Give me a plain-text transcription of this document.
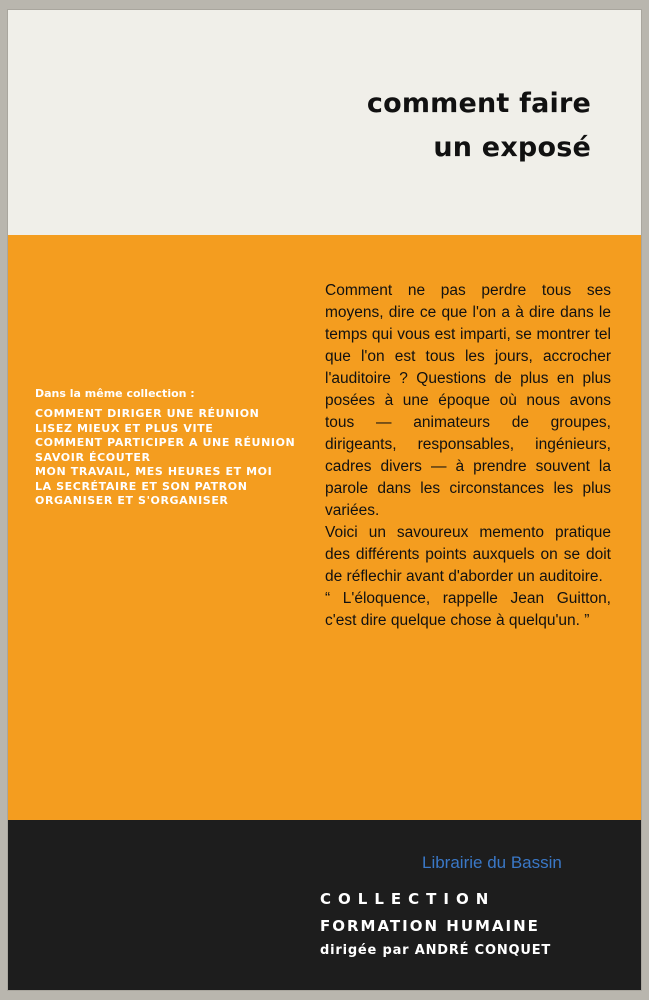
comment faire
un exposé
Dans la même collection :
COMMENT DIRIGER UNE RÉUNION
LISEZ MIEUX ET PLUS VITE
COMMENT PARTICIPER A UNE RÉUNION
SAVOIR ÉCOUTER
MON TRAVAIL, MES HEURES ET MOI
LA SECRÉTAIRE ET SON PATRON
ORGANISER ET S'ORGANISER

Comment ne pas perdre tous ses moyens, dire ce que l'on a à dire dans le temps qui vous est imparti, se montrer tel que l'on est tous les jours, accrocher l'auditoire ? Questions de plus en plus posées à une époque où nous avons tous — animateurs de groupes, dirigeants, responsables, ingénieurs, cadres divers — à prendre souvent la parole dans les circonstances les plus variées.

Voici un savoureux memento pratique des différents points auxquels on se doit de réflechir avant d'aborder un auditoire.

“ L'éloquence, rappelle Jean Guitton, c'est dire quelque chose à quelqu'un. ”

Librairie du Bassin
COLLECTION
FORMATION HUMAINE
dirigée par ANDRÉ CONQUET
